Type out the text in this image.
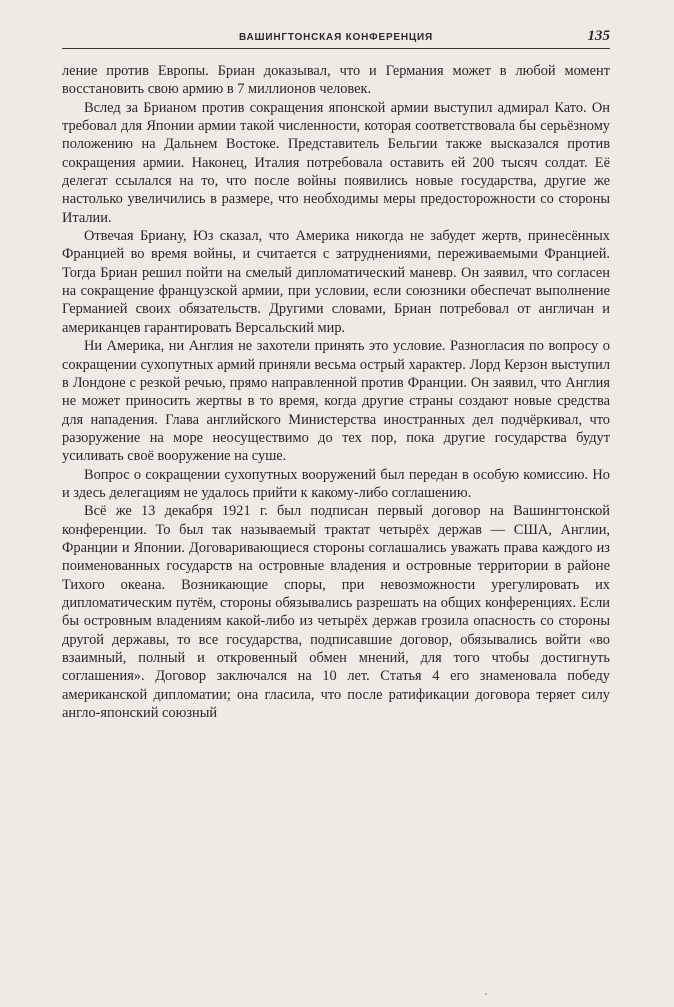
ВАШИНГТОНСКАЯ КОНФЕРЕНЦИЯ	135

ление против Европы. Бриан доказывал, что и Германия может в любой момент восстановить свою армию в 7 миллионов человек.

Вслед за Брианом против сокращения японской армии выступил адмирал Като. Он требовал для Японии армии такой численности, которая соответствовала бы серьёзному положению на Дальнем Востоке. Представитель Бельгии также высказался против сокращения армии. Наконец, Италия потребовала оставить ей 200 тысяч солдат. Её делегат ссылался на то, что после войны появились новые государства, другие же настолько увеличились в размере, что необходимы меры предосторожности со стороны Италии.

Отвечая Бриану, Юз сказал, что Америка никогда не забудет жертв, принесённых Францией во время войны, и считается с затруднениями, переживаемыми Францией. Тогда Бриан решил пойти на смелый дипломатический маневр. Он заявил, что согласен на сокращение французской армии, при условии, если союзники обеспечат выполнение Германией своих обязательств. Другими словами, Бриан потребовал от англичан и американцев гарантировать Версальский мир.

Ни Америка, ни Англия не захотели принять это условие. Разногласия по вопросу о сокращении сухопутных армий приняли весьма острый характер. Лорд Керзон выступил в Лондоне с резкой речью, прямо направленной против Франции. Он заявил, что Англия не может приносить жертвы в то время, когда другие страны создают новые средства для нападения. Глава английского Министерства иностранных дел подчёркивал, что разоружение на море неосуществимо до тех пор, пока другие государства будут усиливать своё вооружение на суше.

Вопрос о сокращении сухопутных вооружений был передан в особую комиссию. Но и здесь делегациям не удалось прийти к какому-либо соглашению.

Всё же 13 декабря 1921 г. был подписан первый договор на Вашингтонской конференции. То был так называемый трактат четырёх держав — США, Англии, Франции и Японии. Договаривающиеся стороны соглашались уважать права каждого из поименованных государств на островные владения и островные территории в районе Тихого океана. Возникающие споры, при невозможности урегулировать их дипломатическим путём, стороны обязывались разрешать на общих конференциях. Если бы островным владениям какой-либо из четырёх держав грозила опасность со стороны другой державы, то все государства, подписавшие договор, обязывались войти «во взаимный, полный и откровенный обмен мнений, для того чтобы достигнуть соглашения». Договор заключался на 10 лет. Статья 4 его знаменовала победу американской дипломатии; она гласила, что после ратификации договора теряет силу англо-японский союзный
